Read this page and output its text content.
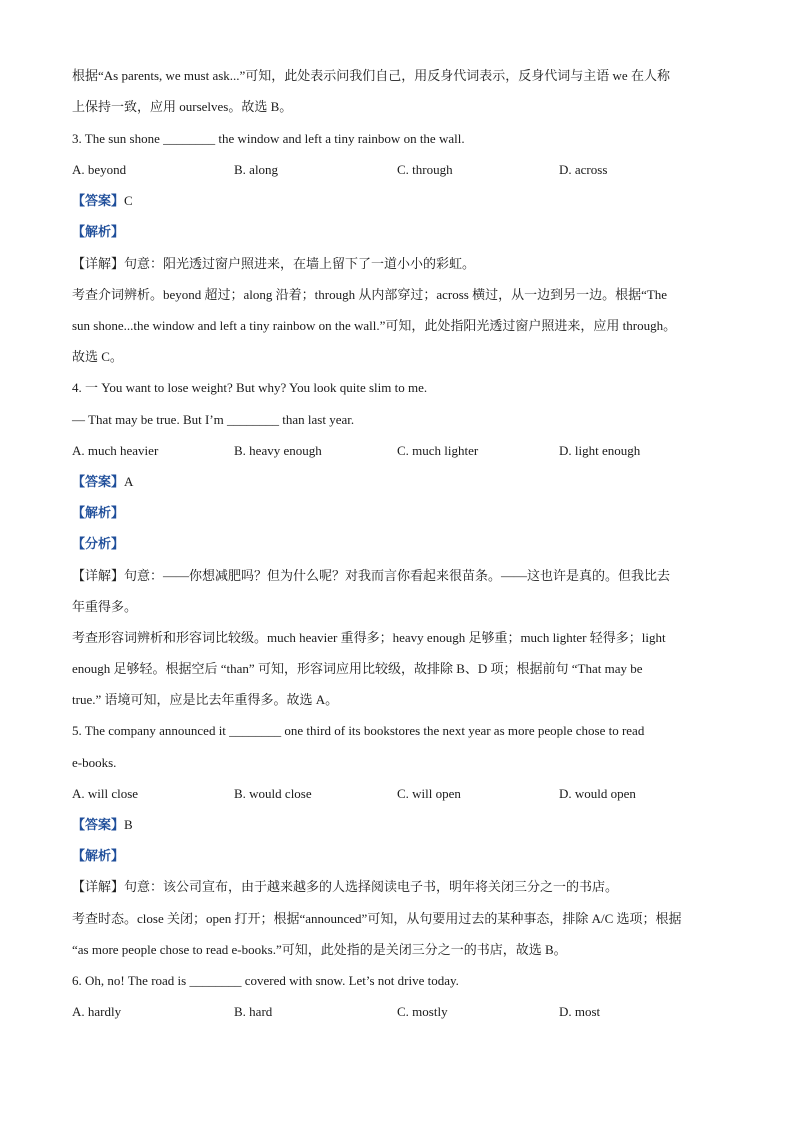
根据“As parents, we must ask...”可知，此处表示问我们自己，用反身代词表示，反身代词与主语 we 在人称
上保持一致，应用 ourselves。故选 B。
3. The sun shone ________ the window and left a tiny rainbow on the wall.
A. beyond	B. along	C. through	D. across
【答案】C
【解析】
【详解】句意：阳光透过窗户照进来，在墙上留下了一道小小的彩虹。
考查介词辨析。beyond 超过；along 沿着；through 从内部穿过；across 横过，从一边到另一边。根据“The
sun shone...the window and left a tiny rainbow on the wall.”可知，此处指阳光透过窗户照进来，应用 through。
故选 C。
4. 一 You want to lose weight? But why? You look quite slim to me.
— That may be true. But I’m ________ than last year.
A. much heavier	B. heavy enough	C. much lighter	D. light enough
【答案】A
【解析】
【分析】
【详解】句意：——你想减肥吗？但为什么呢？对我而言你看起来很苗条。——这也许是真的。但我比去
年重得多。
考查形容词辨析和形容词比较级。much heavier 重得多；heavy enough 足够重；much lighter 轻得多；light
enough 足够轻。根据空后 “than” 可知，形容词应用比较级，故排除 B、D 项；根据前句 “That may be
true.” 语境可知，应是比去年重得多。故选 A。
5. The company announced it ________ one third of its bookstores the next year as more people chose to read
e-books.
A. will close	B. would close	C. will open	D. would open
【答案】B
【解析】
【详解】句意：该公司宣布，由于越来越多的人选择阅读电子书，明年将关闭三分之一的书店。
考查时态。close 关闭；open 打开；根据“announced”可知，从句要用过去的某种事态，排除 A/C 选项；根据
“as more people chose to read e-books.”可知，此处指的是关闭三分之一的书店，故选 B。
6. Oh, no! The road is ________ covered with snow. Let’s not drive today.
A. hardly	B. hard	C. mostly	D. most
